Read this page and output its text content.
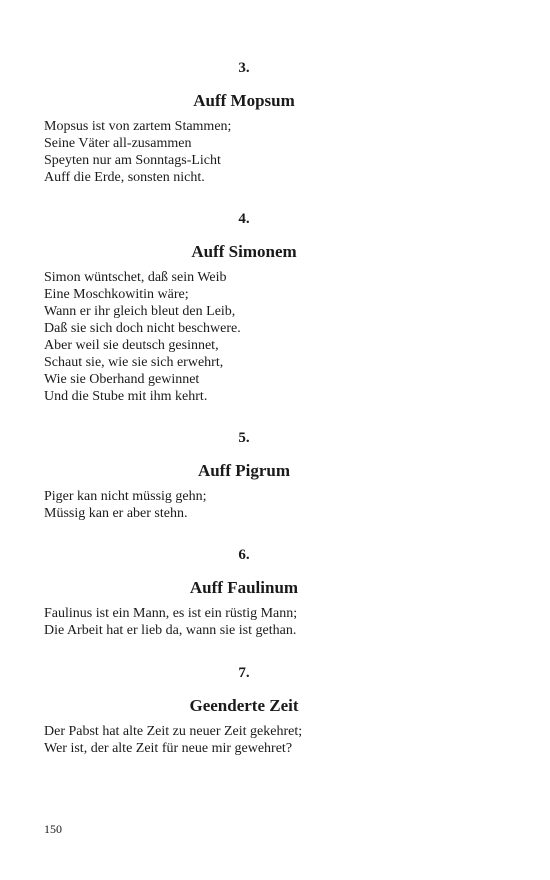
3.
Auff Mopsum
Mopsus ist von zartem Stammen;
Seine Väter all-zusammen
Speyten nur am Sonntags-Licht
Auff die Erde, sonsten nicht.
4.
Auff Simonem
Simon wüntschet, daß sein Weib
Eine Moschkowitin wäre;
Wann er ihr gleich bleut den Leib,
Daß sie sich doch nicht beschwere.
Aber weil sie deutsch gesinnet,
Schaut sie, wie sie sich erwehrt,
Wie sie Oberhand gewinnet
Und die Stube mit ihm kehrt.
5.
Auff Pigrum
Piger kan nicht müssig gehn;
Müssig kan er aber stehn.
6.
Auff Faulinum
Faulinus ist ein Mann, es ist ein rüstig Mann;
Die Arbeit hat er lieb da, wann sie ist gethan.
7.
Geenderte Zeit
Der Pabst hat alte Zeit zu neuer Zeit gekehret;
Wer ist, der alte Zeit für neue mir gewehret?
150
